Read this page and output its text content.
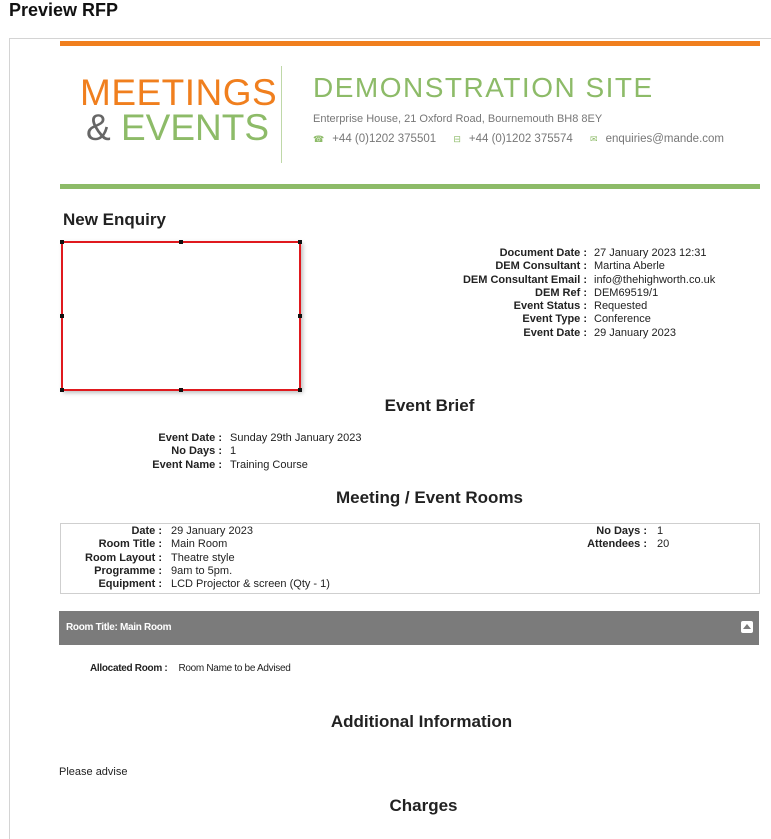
Preview RFP
MEETINGS
& EVENTS
DEMONSTRATION SITE
Enterprise House, 21 Oxford Road, Bournemouth BH8 8EY
☎ +44 (0)1202 375501 ⊟ +44 (0)1202 375574 ✉ enquiries@mande.com
New Enquiry
Document Date : 27 January 2023 12:31
DEM Consultant : Martina Aberle
DEM Consultant Email : info@thehighworth.co.uk
DEM Ref : DEM69519/1
Event Status : Requested
Event Type : Conference
Event Date : 29 January 2023
Event Brief
Event Date : Sunday 29th January 2023
No Days : 1
Event Name : Training Course
Meeting / Event Rooms
Date : 29 January 2023
Room Title : Main Room
Room Layout : Theatre style
Programme : 9am to 5pm.
Equipment : LCD Projector & screen (Qty - 1)
No Days : 1
Attendees : 20
Room Title: Main Room
Allocated Room : Room Name to be Advised
Additional Information
Please advise
Charges
